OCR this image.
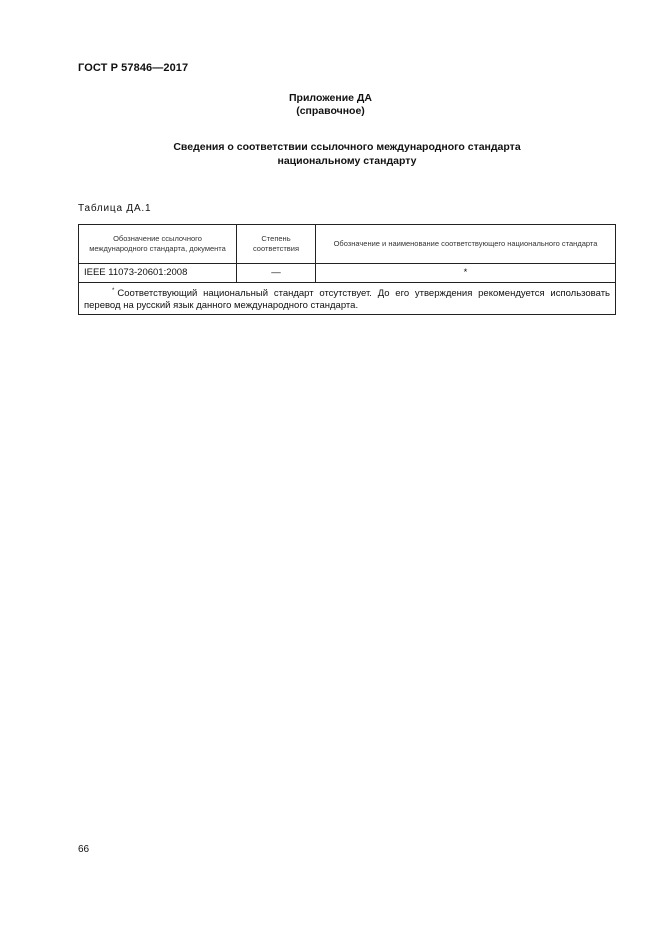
ГОСТ Р 57846—2017
Приложение ДА
(справочное)
Сведения о соответствии ссылочного международного стандарта
национальному стандарту
Таблица ДА.1
Обозначение ссылочного международного стандарта, документа	Степень соответствия	Обозначение и наименование соответствующего национального стандарта
IEEE 11073-20601:2008	—	*
* Соответствующий национальный стандарт отсутствует. До его утверждения рекомендуется использовать перевод на русский язык данного международного стандарта.		
66
